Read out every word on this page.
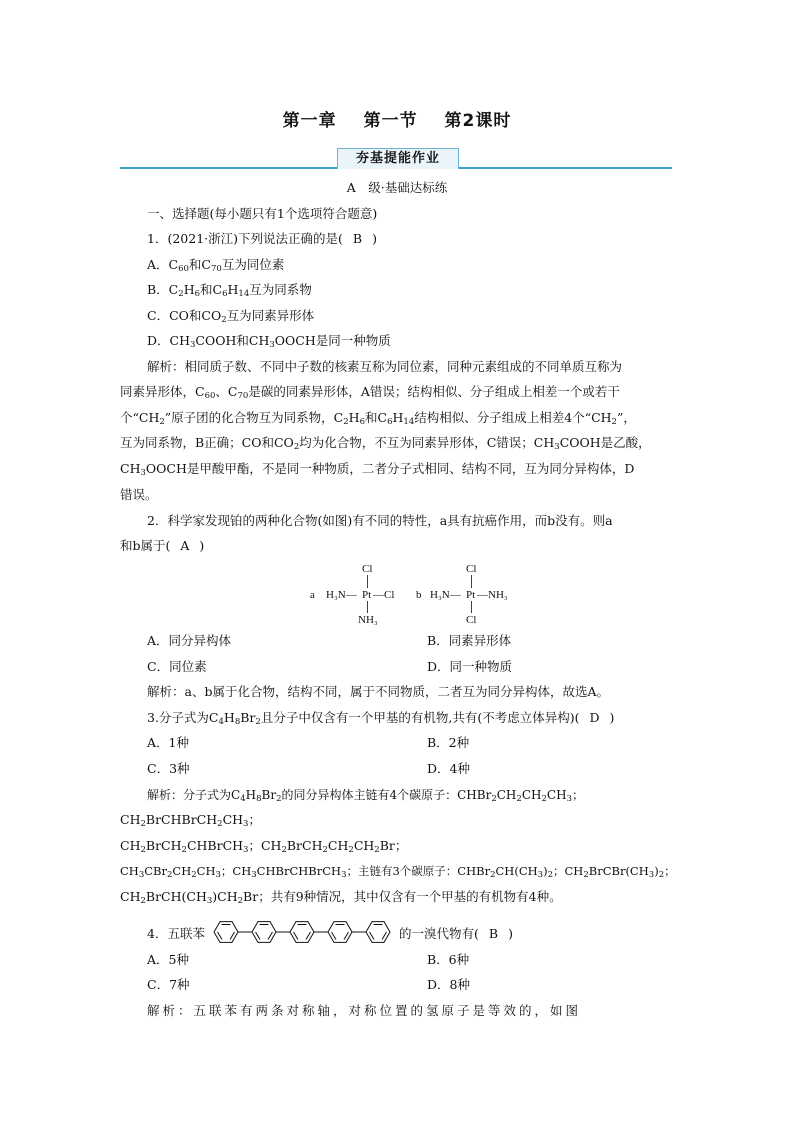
第一章 第一节 第2课时
夯基提能作业
A　级·基础达标练
一、选择题(每小题只有1个选项符合题意)
1．(2021·浙江)下列说法正确的是( B )
A．$C_{60}$和$C_{70}$互为同位素
B．$C_2H_6$和$C_6H_{14}$互为同系物
C．CO和$CO_2$互为同素异形体
D．$CH_3COOH$和$CH_3OOCH$是同一种物质
解析：相同质子数、不同中子数的核素互称为同位素，同种元素组成的不同单质互称为
同素异形体，$C_{60}$、$C_{70}$是碳的同素异形体，A错误；结构相似、分子组成上相差一个或若干
个“$CH_2$”原子团的化合物互为同系物，$C_2H_6$和$C_6H_{14}$结构相似、分子组成上相差4个“$CH_2$”，
互为同系物，B正确；CO和$CO_2$均为化合物，不互为同素异形体，C错误；$CH_3COOH$是乙酸，
$CH_3OOCH$是甲酸甲酯，不是同一种物质，二者分子式相同、结构不同，互为同分异构体，D
错误。
2．科学家发现铂的两种化合物(如图)有不同的特性，a具有抗癌作用，而b没有。则a
和b属于( A )
a H₃N— Pt —Cl
Cl
NH₃
b H₃N— Pt —NH₃
Cl
Cl
A．同分异构体	B．同素异形体
C．同位素	D．同一种物质
解析：a、b属于化合物，结构不同，属于不同物质，二者互为同分异构体，故选A。
3.分子式为$C_4H_8Br_2$且分子中仅含有一个甲基的有机物,共有(不考虑立体异构)( D )
A．1种	B．2种
C．3种	D．4种
解析：分子式为$C_4H_8Br_2$的同分异构体主链有4个碳原子：$CHBr_2CH_2CH_2CH_3$；
$CH_2BrCHBrCH_2CH_3$；
$CH_2BrCH_2CHBrCH_3$；$CH_2BrCH_2CH_2CH_2Br$；
$CH_3CBr_2CH_2CH_3$；$CH_3CHBrCHBrCH_3$；主链有3个碳原子：$CHBr_2CH(CH_3)_2$；$CH_2BrCBr(CH_3)_2$；
$CH_2BrCH(CH_3)CH_2Br$；共有9种情况，其中仅含有一个甲基的有机物有4种。
4．五联苯	的一溴代物有( B )
A．5种	B．6种
C．7种	D．8种
解析：五联苯有两条对称轴，对称位置的氢原子是等效的，如图
